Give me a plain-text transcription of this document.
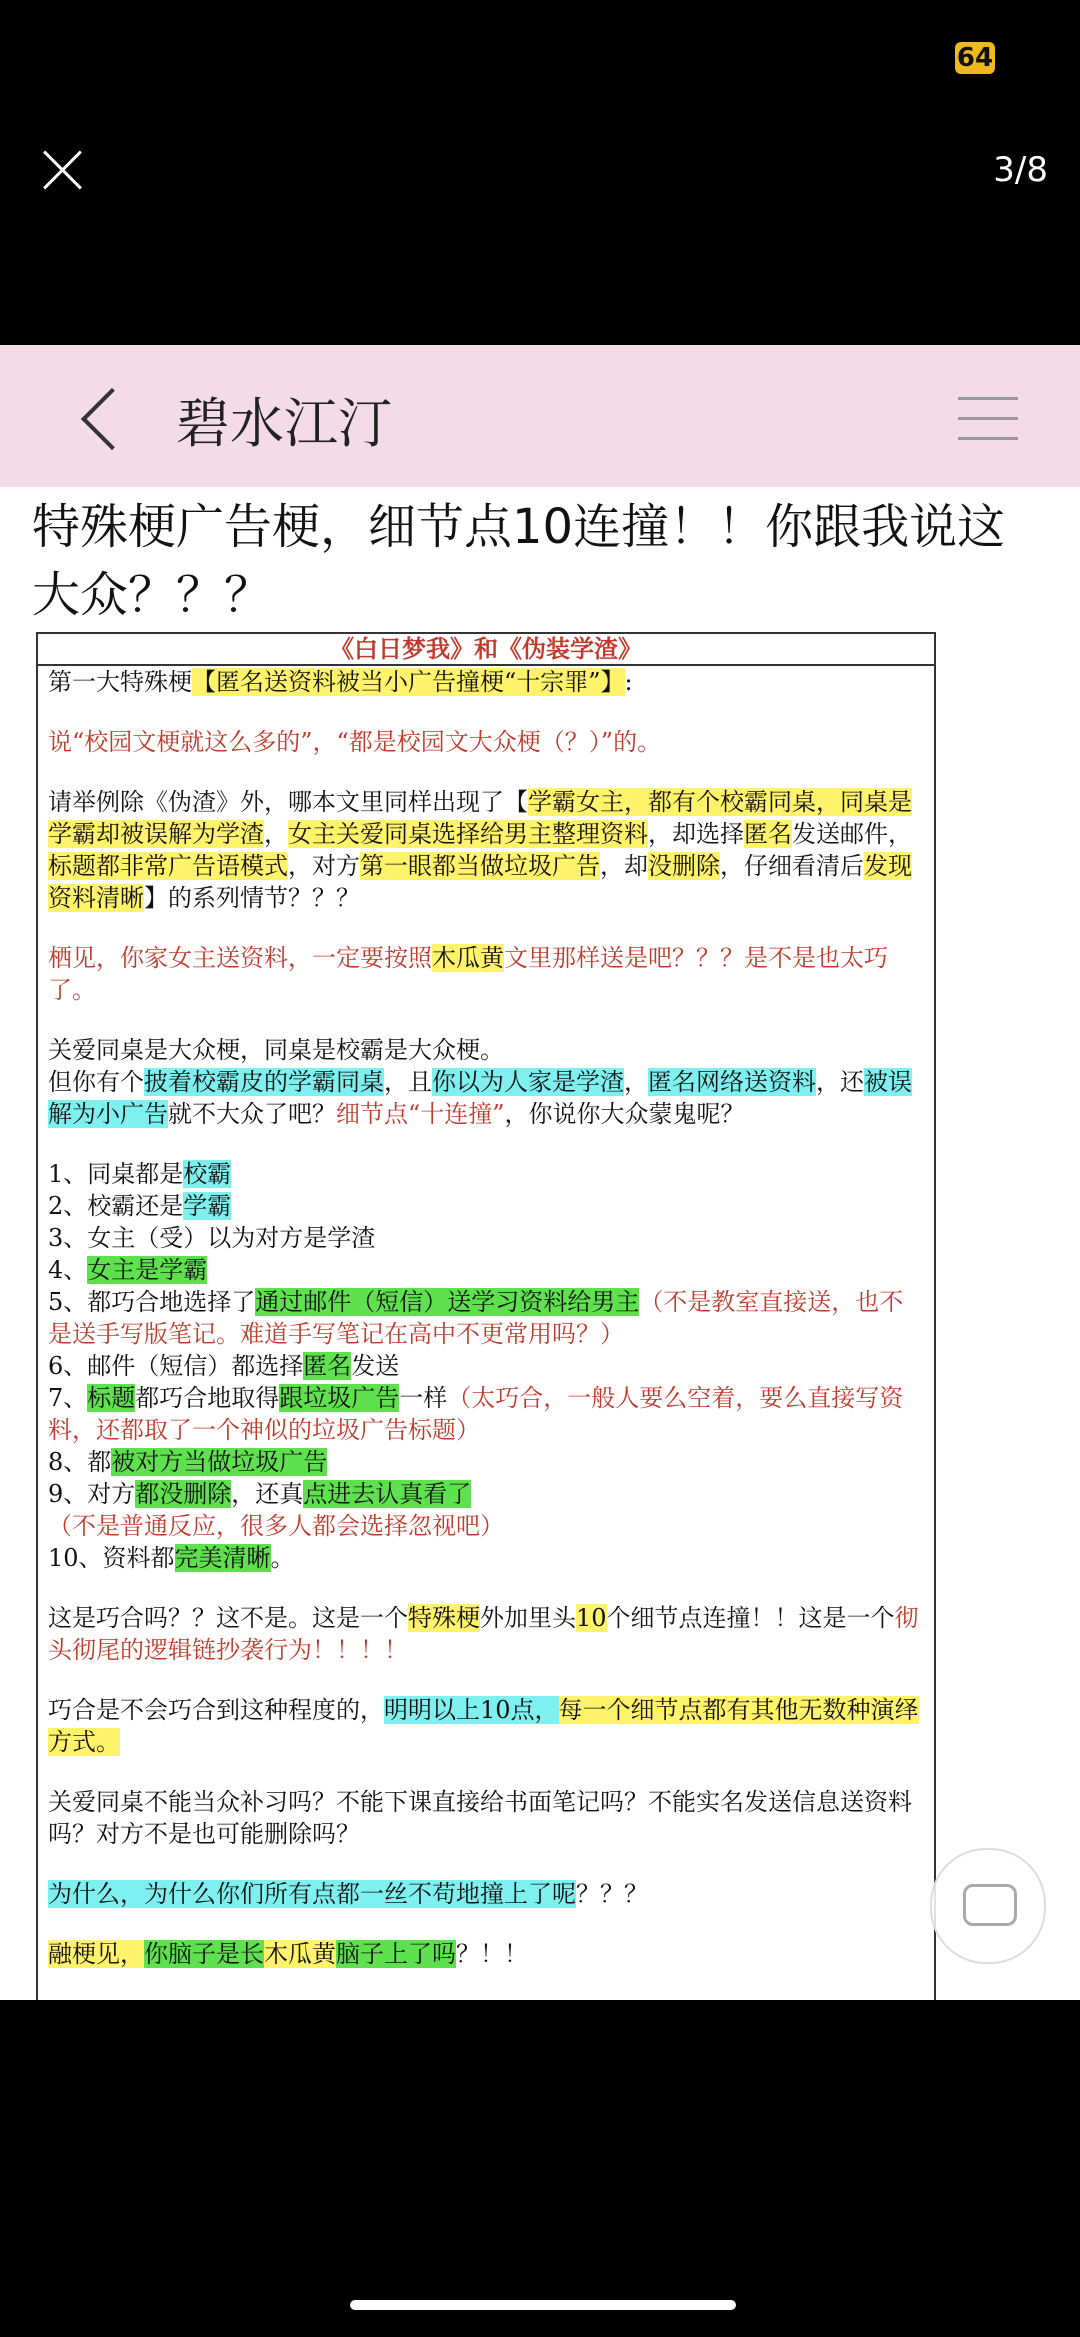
64
3/8
碧水江汀
特殊梗广告梗，细节点10连撞！！你跟我说这大众？？？
《白日梦我》和《伪装学渣》

第一大特殊梗【匿名送资料被当小广告撞梗“十宗罪”】:

说“校园文梗就这么多的”，“都是校园文大众梗（？）”的。

请举例除《伪渣》外，哪本文里同样出现了【学霸女主，都有个校霸同桌，同桌是学霸却被误解为学渣，女主关爱同桌选择给男主整理资料，却选择匿名发送邮件，标题都非常广告语模式，对方第一眼都当做垃圾广告，却没删除，仔细看清后发现资料清晰】的系列情节？？？

栖见，你家女主送资料，一定要按照木瓜黄文里那样送是吧？？？是不是也太巧了。

关爱同桌是大众梗，同桌是校霸是大众梗。

但你有个披着校霸皮的学霸同桌，且你以为人家是学渣，匿名网络送资料，还被误解为小广告就不大众了吧？细节点“十连撞”，你说你大众蒙鬼呢？

1、同桌都是校霸

2、校霸还是学霸

3、女主（受）以为对方是学渣

4、女主是学霸

5、都巧合地选择了通过邮件（短信）送学习资料给男主（不是教室直接送，也不是送手写版笔记。难道手写笔记在高中不更常用吗？）

6、邮件（短信）都选择匿名发送

7、标题都巧合地取得跟垃圾广告一样（太巧合，一般人要么空着，要么直接写资料，还都取了一个神似的垃圾广告标题）

8、都被对方当做垃圾广告

9、对方都没删除，还真点进去认真看了（不是普通反应，很多人都会选择忽视吧）

10、资料都完美清晰。

这是巧合吗？？这不是。这是一个特殊梗外加里头10个细节点连撞！！这是一个彻头彻尾的逻辑链抄袭行为！！！！

巧合是不会巧合到这种程度的，明明以上10点，每一个细节点都有其他无数种演绎方式。

关爱同桌不能当众补习吗？不能下课直接给书面笔记吗？不能实名发送信息送资料吗？对方不是也可能删除吗？

为什么，为什么你们所有点都一丝不苟地撞上了呢？？？

融梗见，你脑子是长木瓜黄脑子上了吗？！！
